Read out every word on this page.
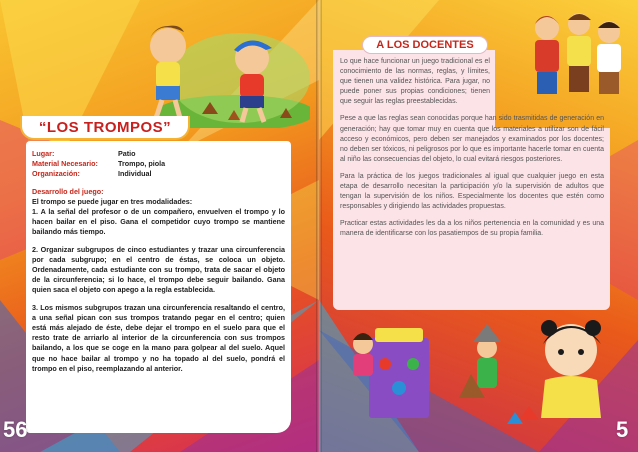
“LOS TROMPOS”
Lugar:	Patio
Material Necesario:	Trompo, piola
Organización:	Individual
Desarrollo del juego:

El trompo se puede jugar en tres modalidades:
1. A la señal del profesor o de un compañero, envuelven el trompo y lo hacen bailar en el piso. Gana el competidor cuyo trompo se mantiene bailando más tiempo.

2. Organizar subgrupos de cinco estudiantes y trazar una circunferencia por cada subgrupo; en el centro de éstas, se coloca un objeto. Ordenadamente, cada estudiante con su trompo, trata de sacar el objeto de la circunferencia; si lo hace, el trompo debe seguir bailando. Gana quien saca el objeto con apego a la regla establecida.

3. Los mismos subgrupos trazan una circunferencia resaltando el centro, a una señal pican con sus trompos tratando pegar en el centro; quien está más alejado de éste, debe dejar el trompo en el suelo para que el resto trate de arriarlo al interior de la circunferencia con sus trompos bailando, a los que se coge en la mano para golpear al del suelo. Aquel que no hace bailar al trompo y no ha topado al del suelo, pondrá el trompo en el piso, reemplazando al anterior.

56
A LOS DOCENTES

Lo que hace funcionar un juego tradicional es el conocimiento de las normas, reglas, y límites, que tienen una validez histórica. Para jugar, no puede poner sus propias condiciones; tienen que seguir las reglas preestablecidas.

Pese a que las reglas sean conocidas porque han sido trasmitidas de generación en generación; hay que tomar muy en cuenta que los materiales a utilizar son de fácil acceso y económicos, pero deben ser manejados y examinados por los docentes; no deben ser tóxicos, ni peligrosos por lo que es importante hacerle tomar en cuenta al niño las consecuencias del objeto, lo cual evitará riesgos posteriores.

Para la práctica de los juegos tradicionales al igual que cualquier juego en esta etapa de desarrollo necesitan la participación y/o la supervisión de adultos que tengan la supervisión de los niños. Especialmente los docentes que estén como responsables y dirigiendo las actividades propuestas.

Practicar estas actividades les da a los niños pertenencia en la comunidad y es una manera de identificarse con los pasatiempos de su propia familia.

5
